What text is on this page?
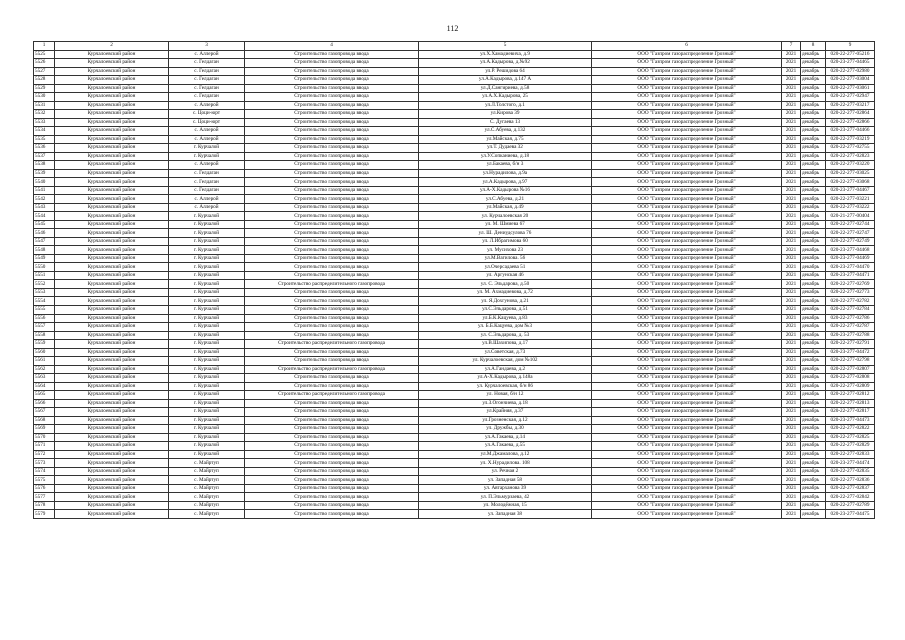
112
1	2	3	4	5	6	7	8	9
5525	Курчалоевский район	с. Аллерой	Строительство газопровода ввода	ул.Х.Хамадиевича, д.9	ООО "Газпром газораспределение Грозный"	2021	декабрь	020-22-277-05216
5526	Курчалоевский район	с. Гелдаган	Строительство газопровода ввода	ул.А.Кадырова, д.№92	ООО "Газпром газораспределение Грозный"	2021	декабрь	020-23-277-04465
5527	Курчалоевский район	с. Гелдаган	Строительство газопровода ввода	ул.Р. Решидова 64	ООО "Газпром газораспределение Грозный"	2021	декабрь	020-22-277-02980
5528	Курчалоевский район	с. Гелдаган	Строительство газопровода ввода	ул.А.Кадырова, д.147 А	ООО "Газпром газораспределение Грозный"	2021	декабрь	020-22-277-03004
5529	Курчалоевский район	с. Гелдаган	Строительство газопровода ввода	ул.Д.Сангириева, д.58	ООО "Газпром газораспределение Грозный"	2021	декабрь	020-22-277-03061
5530	Курчалоевский район	с. Гелдаган	Строительство газопровода ввода	ул.А.Х.Кадырова, 25	ООО "Газпром газораспределение Грозный"	2021	декабрь	020-22-277-02947
5531	Курчалоевский район	с. Аллерой	Строительство газопровода ввода	ул.Л.Толстого, д.1	ООО "Газпром газораспределение Грозный"	2021	декабрь	020-22-277-03217
5532	Курчалоевский район	с. Цоци-юрт	Строительство газопровода ввода	ул.Кирова 39	ООО "Газпром газораспределение Грозный"	2021	декабрь	020-22-277-02864
5533	Курчалоевский район	с. Цоци-юрт	Строительство газопровода ввода	С. Дугаева 13	ООО "Газпром газораспределение Грозный"	2021	декабрь	020-22-277-02866
5534	Курчалоевский район	с. Аллерой	Строительство газопровода ввода	ул.С.Абуева, д.132	ООО "Газпром газораспределение Грозный"	2021	декабрь	020-23-277-04466
5535	Курчалоевский район	с. Аллерой	Строительство газопровода ввода	ул.Майская, д.75	ООО "Газпром газораспределение Грозный"	2021	декабрь	020-22-277-03219
5536	Курчалоевский район	г. Курчалой	Строительство газопровода ввода	ул.Т. Дудаева 32	ООО "Газпром газораспределение Грозный"	2021	декабрь	020-22-277-02755
5537	Курчалоевский район	г. Курчалой	Строительство газопровода ввода	ул.У.Сопканиева, д.18	ООО "Газпром газораспределение Грозный"	2021	декабрь	020-22-277-02823
5538	Курчалоевский район	с. Аллерой	Строительство газопровода ввода	ул.Бакаева, б/н 3	ООО "Газпром газораспределение Грозный"	2021	декабрь	020-22-277-03220
5539	Курчалоевский район	с. Гелдаган	Строительство газопровода ввода	ул.Нурадилова, д.9а	ООО "Газпром газораспределение Грозный"	2021	декабрь	020-22-277-03025
5540	Курчалоевский район	с. Гелдаган	Строительство газопровода ввода	ул.А.Кадырова, д.97	ООО "Газпром газораспределение Грозный"	2021	декабрь	020-22-277-03068
5541	Курчалоевский район	с. Гелдаган	Строительство газопровода ввода	ул.А-Х.Кадырова №16	ООО "Газпром газораспределение Грозный"	2021	декабрь	020-23-277-04467
5542	Курчалоевский район	с. Аллерой	Строительство газопровода ввода	ул.С.Абуева, д.21	ООО "Газпром газораспределение Грозный"	2021	декабрь	020-22-277-03221
5543	Курчалоевский район	с. Аллерой	Строительство газопровода ввода	ул.Майская, д.49	ООО "Газпром газораспределение Грозный"	2021	декабрь	020-22-277-03222
5544	Курчалоевский район	г. Курчалой	Строительство газопровода ввода	ул. Курчалоевская 20	ООО "Газпром газораспределение Грозный"	2021	декабрь	020-21-277-00404
5545	Курчалоевский район	г. Курчалой	Строительство газопровода ввода	ул. М. Шмиева 67	ООО "Газпром газораспределение Грозный"	2021	декабрь	020-22-277-02744
5546	Курчалоевский район	г. Курчалой	Строительство газопровода ввода	ул. Ш. Дениудсулова 76	ООО "Газпром газораспределение Грозный"	2021	декабрь	020-22-277-02747
5547	Курчалоевский район	г. Курчалой	Строительство газопровода ввода	ул. Л.Ибрагимова 60	ООО "Газпром газораспределение Грозный"	2021	декабрь	020-22-277-02749
5548	Курчалоевский район	г. Курчалой	Строительство газопровода ввода	ул. Мусихова 23	ООО "Газпром газораспределение Грозный"	2021	декабрь	020-23-277-04468
5549	Курчалоевский район	г. Курчалой	Строительство газопровода ввода	ул.М.Вагилова. 56	ООО "Газпром газораспределение Грозный"	2021	декабрь	020-23-277-04469
5550	Курчалоевский район	г. Курчалой	Строительство газопровода ввода	ул.Очерсадаева 51	ООО "Газпром газораспределение Грозный"	2021	декабрь	020-23-277-04470
5551	Курчалоевский район	г. Курчалой	Строительство газопровода ввода	ул. Аргунская 46	ООО "Газпром газораспределение Грозный"	2021	декабрь	020-23-277-04471
5552	Курчалоевский район	г. Курчалой	Строительство распределительного газопровода	ул. С. Эльдарова, д.50	ООО "Газпром газораспределение Грозный"	2021	декабрь	020-22-277-02769
5553	Курчалоевский район	г. Курчалой	Строительство газопровода ввода	ул. М. Ахмадиевова, д.72	ООО "Газпром газораспределение Грозный"	2021	декабрь	020-22-277-02773
5554	Курчалоевский район	г. Курчалой	Строительство газопровода ввода	ул. Я.Дохгунова, д.21	ООО "Газпром газораспределение Грозный"	2021	декабрь	020-22-277-02782
5555	Курчалоевский район	г. Курчалой	Строительство газопровода ввода	ул.С.Эльдарова, д.51	ООО "Газпром газораспределение Грозный"	2021	декабрь	020-22-277-02784
5556	Курчалоевский район	г. Курчалой	Строительство газопровода ввода	ул.Б.К.Кацуева, д.83	ООО "Газпром газораспределение Грозный"	2021	декабрь	020-22-277-02786
5557	Курчалоевский район	г. Курчалой	Строительство газопровода ввода	ул. Б.Б.Кацуева, дом №3	ООО "Газпром газораспределение Грозный"	2021	декабрь	020-22-277-02787
5558	Курчалоевский район	г. Курчалой	Строительство газопровода ввода	ул. С.Эльдарова, д. 53	ООО "Газпром газораспределение Грозный"	2021	декабрь	020-23-277-02788
5559	Курчалоевский район	г. Курчалой	Строительство распределительного газопровода	ул.В.Шахипова, д.17	ООО "Газпром газораспределение Грозный"	2021	декабрь	020-22-277-02791
5560	Курчалоевский район	г. Курчалой	Строительство газопровода ввода	ул.Советская, д.73	ООО "Газпром газораспределение Грозный"	2021	декабрь	020-23-277-04472
5561	Курчалоевский район	г. Курчалой	Строительство газопровода ввода	ул. Курчалоевская, дом №102	ООО "Газпром газораспределение Грозный"	2021	декабрь	020-22-277-02798
5562	Курчалоевский район	г. Курчалой	Строительство распределительного газопровода	ул.А.Гандаева, д.2	ООО "Газпром газораспределение Грозный"	2021	декабрь	020-22-277-02807
5563	Курчалоевский район	г. Курчалой	Строительство газопровода ввода	ул.А-Х.Кадырова, д.148а	ООО "Газпром газораспределение Грозный"	2021	декабрь	020-22-277-02808
5564	Курчалоевский район	г. Курчалой	Строительство газопровода ввода	ул. Курчалоевская, б/н 86	ООО "Газпром газораспределение Грозный"	2021	декабрь	020-22-277-02809
5565	Курчалоевский район	г. Курчалой	Строительство распределительного газопровода	ул. Новая, б/н 12	ООО "Газпром газораспределение Грозный"	2021	декабрь	020-22-277-02812
5566	Курчалоевский район	г. Курчалой	Строительство газопровода ввода	ул.З.Огончиева, д.18	ООО "Газпром газораспределение Грозный"	2021	декабрь	020-22-277-02813
5567	Курчалоевский район	г. Курчалой	Строительство газопровода ввода	ул.Крайняя, д.37	ООО "Газпром газораспределение Грозный"	2021	декабрь	020-22-277-02817
5568	Курчалоевский район	г. Курчалой	Строительство газопровода ввода	ул.Грозненская, д.12	ООО "Газпром газораспределение Грозный"	2021	декабрь	020-23-277-04473
5569	Курчалоевский район	г. Курчалой	Строительство газопровода ввода	ул. Дружбы, д.30	ООО "Газпром газораспределение Грозный"	2021	декабрь	020-22-277-02822
5570	Курчалоевский район	г. Курчалой	Строительство газопровода ввода	ул.А.Гакаева, д.14	ООО "Газпром газораспределение Грозный"	2021	декабрь	020-22-277-02825
5571	Курчалоевский район	г. Курчалой	Строительство газопровода ввода	ул.А.Гакаева, д.55	ООО "Газпром газораспределение Грозный"	2021	декабрь	020-22-277-02829
5572	Курчалоевский район	г. Курчалой	Строительство газопровода ввода	ул.М.Джамалова, д.12	ООО "Газпром газораспределение Грозный"	2021	декабрь	020-22-277-02833
5573	Курчалоевский район	с. Майртуп	Строительство газопровода ввода	ул. Х.Нурадилова. 108	ООО "Газпром газораспределение Грозный"	2021	декабрь	020-23-277-04474
5574	Курчалоевский район	с. Майртуп	Строительство газопровода ввода	ул. Речная 2	ООО "Газпром газораспределение Грозный"	2021	декабрь	020-22-277-02835
5575	Курчалоевский район	с. Майртуп	Строительство газопровода ввода	ул. Западная 58	ООО "Газпром газораспределение Грозный"	2021	декабрь	020-22-277-02836
5576	Курчалоевский район	с. Майртуп	Строительство газопровода ввода	ул. Автарханова 39	ООО "Газпром газораспределение Грозный"	2021	декабрь	020-22-277-02837
5577	Курчалоевский район	с. Майртуп	Строительство газопровода ввода	ул. П.Эльмурзаева, 42	ООО "Газпром газораспределение Грозный"	2021	декабрь	020-22-277-02842
5578	Курчалоевский район	с. Майртуп	Строительство газопровода ввода	ул. Молодёжная, 15	ООО "Газпром газораспределение Грозный"	2021	декабрь	020-22-277-02789
5579	Курчалоевский район	с. Майртуп	Строительство газопровода ввода	ул. Западная 38	ООО "Газпром газораспределение Грозный"	2021	декабрь	020-23-277-04475
